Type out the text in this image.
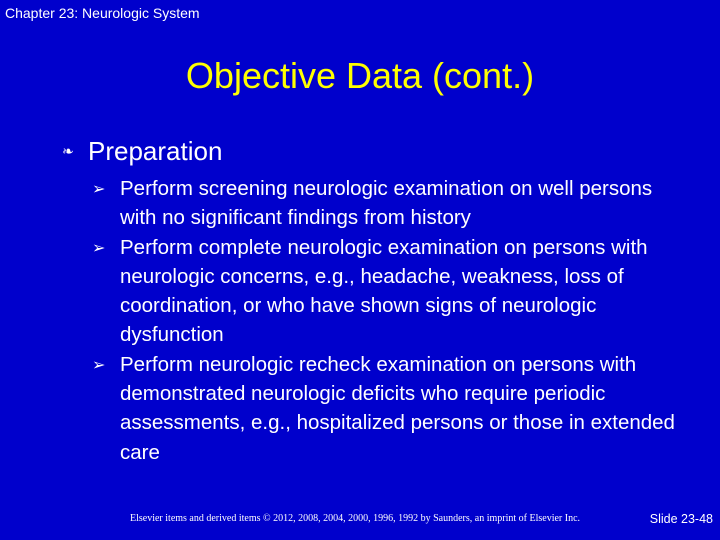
Chapter 23: Neurologic System
Objective Data (cont.)
❧ Preparation
➢ Perform screening neurologic examination on well persons with no significant findings from history
➢ Perform complete neurologic examination on persons with neurologic concerns, e.g., headache, weakness, loss of coordination, or who have shown signs of neurologic dysfunction
➢ Perform neurologic recheck examination on persons with demonstrated neurologic deficits who require periodic assessments, e.g., hospitalized persons or those in extended care
Elsevier items and derived items © 2012, 2008, 2004, 2000, 1996, 1992 by Saunders, an imprint of Elsevier Inc.	Slide 23-48
